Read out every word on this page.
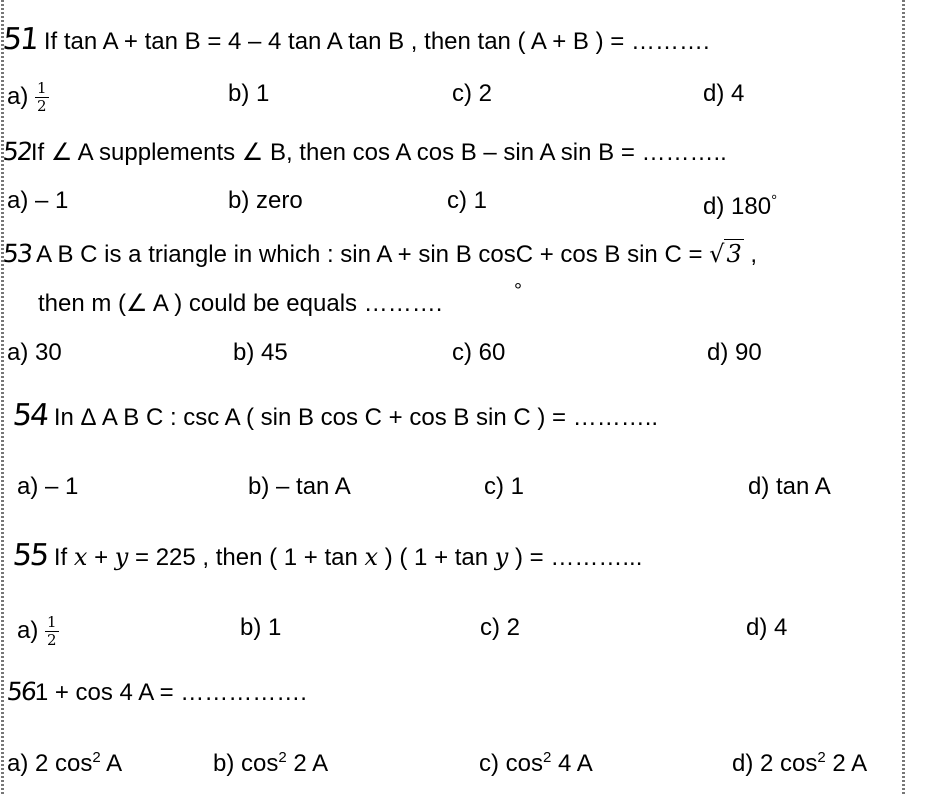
51 If tan A + tan B = 4 – 4 tan A tan B , then tan ( A + B ) = ……….
$a) \frac{1}{2}$	b) 1	c) 2	d) 4
52If ∠ A supplements ∠ B, then cos A cos B – sin A sin B = ………..
a) – 1	b) zero	c) 1	d) 180°
53 A B C is a triangle in which : sin A + sin B cosC + cos B sin C = √3 ,
then m (∠ A ) could be equals ……….	°
a) 30	b) 45	c) 60	d) 90
54 In Δ A B C : csc A ( sin B cos C + cos B sin C ) = ………..
a) – 1	b) – tan A	c) 1	d) tan A
55 If x + y = 225 , then ( 1 + tan x ) ( 1 + tan y ) = ………...
$a) \frac{1}{2}$	b) 1	c) 2	d) 4
561 + cos 4 A = …………….
a) 2 $\cos^2 A$	b) $\cos^2 2$ A	c) $\cos^2 4$ A	d) 2 $\cos^2 2$ A
